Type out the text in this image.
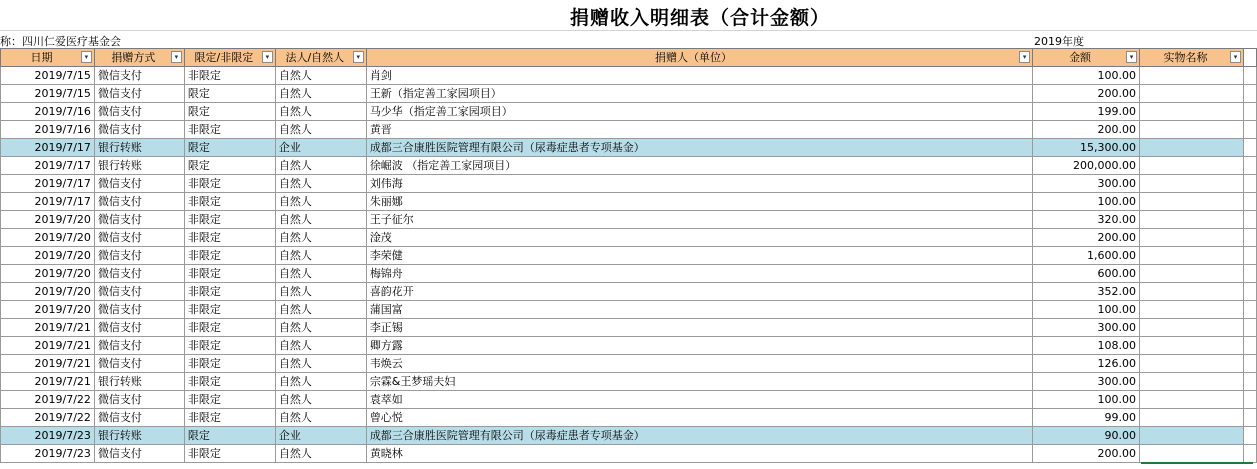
捐赠收入明细表（合计金额）
称：四川仁爱医疗基金会	2019年度
日期 ▾	捐赠方式 ▾	限定/非限定 ▾	法人/自然人 ▾	捐赠人（单位） ▾	金额 ▾	实物名称 ▾	

2019/7/15	微信支付	非限定	自然人	肖剑	100.00		
2019/7/15	微信支付	限定	自然人	王新（指定善工家园项目）	200.00		
2019/7/16	微信支付	限定	自然人	马少华（指定善工家园项目）	199.00		
2019/7/16	微信支付	非限定	自然人	黄晋	200.00		
2019/7/17	银行转账	限定	企业	成都三合康胜医院管理有限公司（尿毒症患者专项基金）	15,300.00		
2019/7/17	银行转账	限定	自然人	徐崛波 （指定善工家园项目）	200,000.00		
2019/7/17	微信支付	非限定	自然人	刘伟海	300.00		
2019/7/17	微信支付	非限定	自然人	朱丽娜	100.00		
2019/7/20	微信支付	非限定	自然人	王子征尔	320.00		
2019/7/20	微信支付	非限定	自然人	淦茂	200.00		
2019/7/20	微信支付	非限定	自然人	李荣健	1,600.00		
2019/7/20	微信支付	非限定	自然人	梅锦舟	600.00		
2019/7/20	微信支付	非限定	自然人	喜韵花开	352.00		
2019/7/20	微信支付	非限定	自然人	蒲国富	100.00		
2019/7/21	微信支付	非限定	自然人	李正锡	300.00		
2019/7/21	微信支付	非限定	自然人	卿方露	108.00		
2019/7/21	微信支付	非限定	自然人	韦焕云	126.00		
2019/7/21	银行转账	非限定	自然人	宗霖&王梦瑶夫妇	300.00		
2019/7/22	微信支付	非限定	自然人	袁萃如	100.00		
2019/7/22	微信支付	非限定	自然人	曾心悦	99.00		
2019/7/23	银行转账	限定	企业	成都三合康胜医院管理有限公司（尿毒症患者专项基金）	90.00		
2019/7/23	微信支付	非限定	自然人	黄晓林	200.00		
